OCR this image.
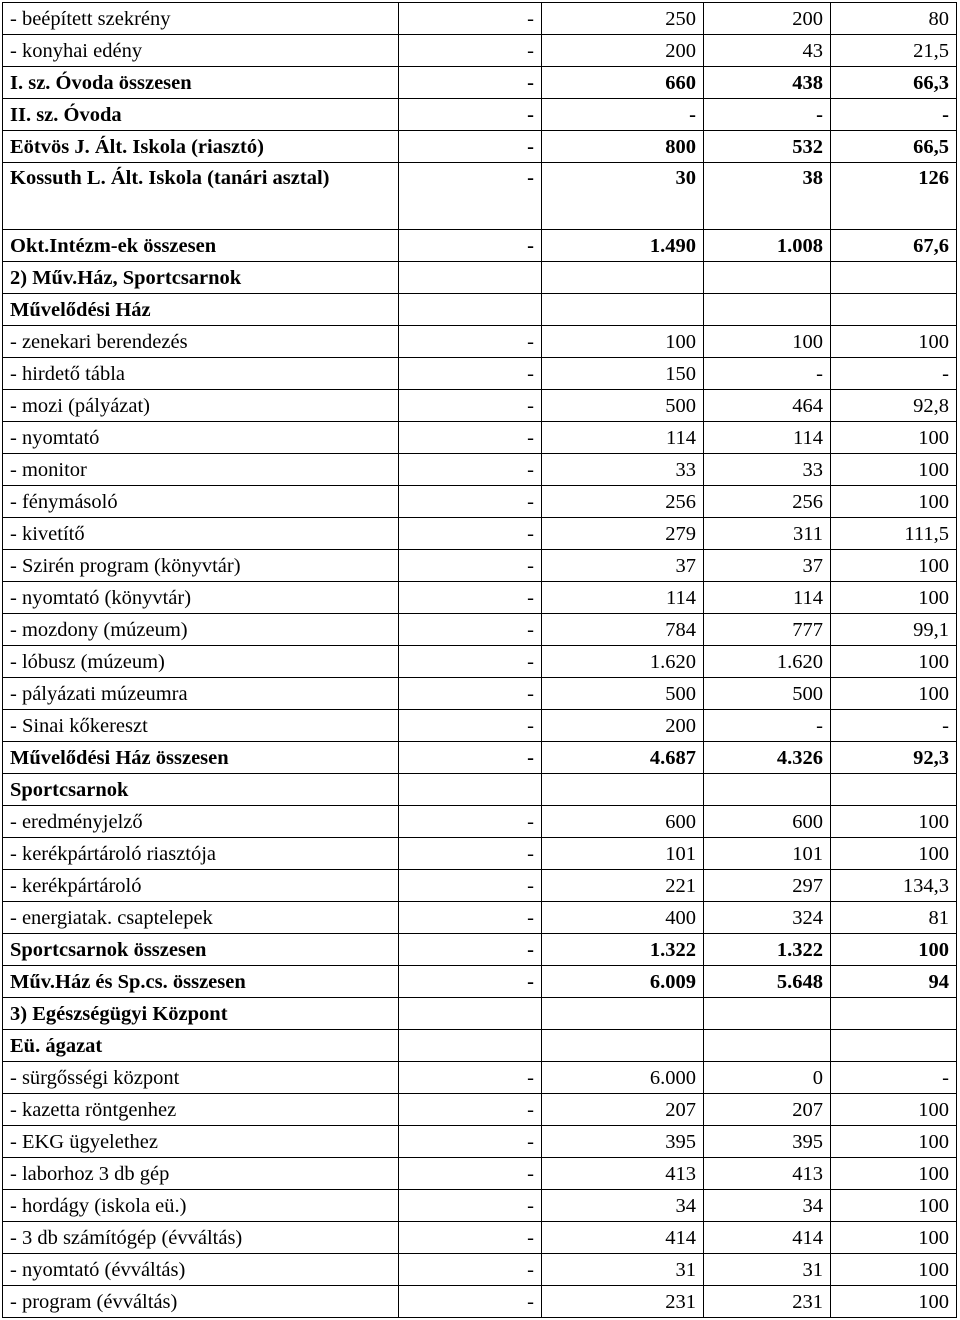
- beépített szekrény	-	250	200	80
- konyhai edény	-	200	43	21,5
I. sz. Óvoda összesen	-	660	438	66,3
II. sz. Óvoda	-	-	-	-
Eötvös J. Ált. Iskola (riasztó)	-	800	532	66,5
Kossuth L. Ált. Iskola (tanári asztal)	-	30	38	126
Okt.Intézm-ek összesen	-	1.490	1.008	67,6
2) Műv.Ház, Sportcsarnok				
Művelődési Ház				
- zenekari berendezés	-	100	100	100
- hirdető tábla	-	150	-	-
- mozi (pályázat)	-	500	464	92,8
- nyomtató	-	114	114	100
- monitor	-	33	33	100
- fénymásoló	-	256	256	100
- kivetítő	-	279	311	111,5
- Szirén program (könyvtár)	-	37	37	100
- nyomtató (könyvtár)	-	114	114	100
- mozdony (múzeum)	-	784	777	99,1
- lóbusz (múzeum)	-	1.620	1.620	100
- pályázati múzeumra	-	500	500	100
- Sinai kőkereszt	-	200	-	-
Művelődési Ház összesen	-	4.687	4.326	92,3
Sportcsarnok				
- eredményjelző	-	600	600	100
- kerékpártároló riasztója	-	101	101	100
- kerékpártároló	-	221	297	134,3
- energiatak. csaptelepek	-	400	324	81
Sportcsarnok összesen	-	1.322	1.322	100
Műv.Ház és Sp.cs. összesen	-	6.009	5.648	94
3) Egészségügyi Központ				
Eü. ágazat				
- sürgősségi központ	-	6.000	0	-
- kazetta röntgenhez	-	207	207	100
- EKG ügyelethez	-	395	395	100
- laborhoz 3 db gép	-	413	413	100
- hordágy (iskola eü.)	-	34	34	100
- 3 db számítógép (évváltás)	-	414	414	100
- nyomtató (évváltás)	-	31	31	100
- program (évváltás)	-	231	231	100
